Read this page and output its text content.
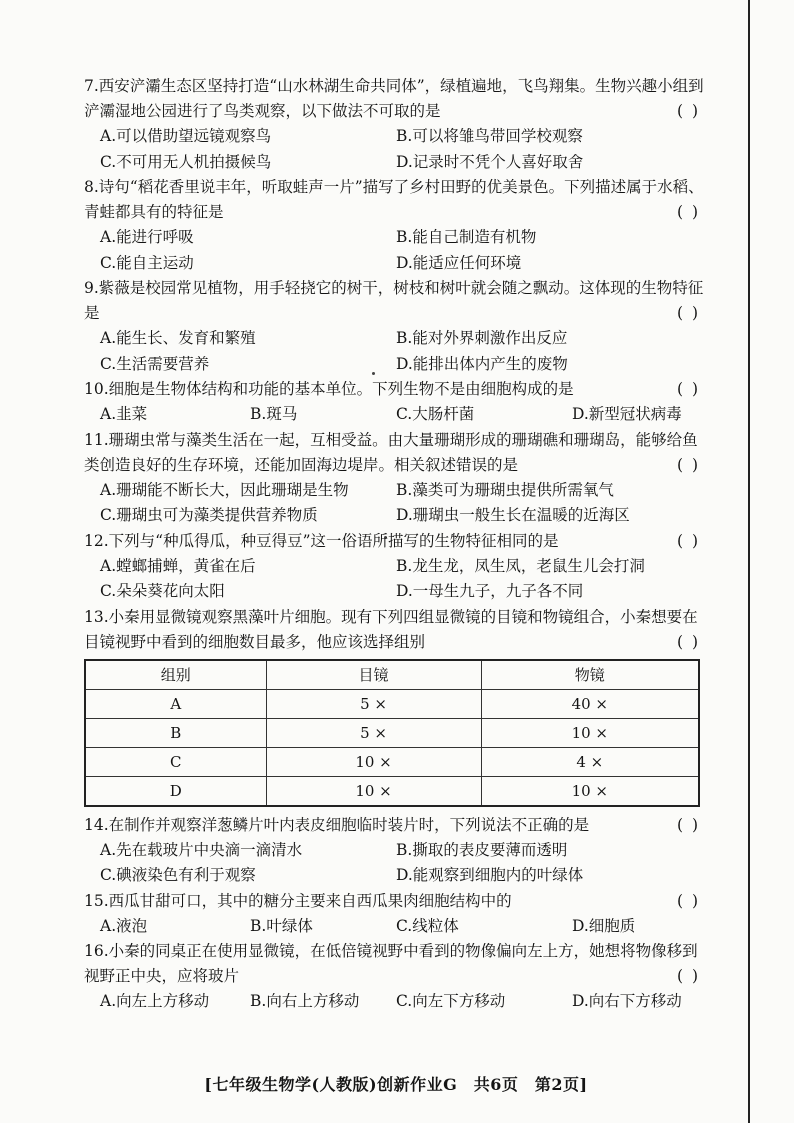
7.西安浐灞生态区坚持打造“山水林湖生命共同体”，绿植遍地，飞鸟翔集。生物兴趣小组到
浐灞湿地公园进行了鸟类观察，以下做法不可取的是	( )
A.可以借助望远镜观察鸟	B.可以将雏鸟带回学校观察
C.不可用无人机拍摄候鸟	D.记录时不凭个人喜好取舍
8.诗句“稻花香里说丰年，听取蛙声一片”描写了乡村田野的优美景色。下列描述属于水稻、
青蛙都具有的特征是	( )
A.能进行呼吸	B.能自己制造有机物
C.能自主运动	D.能适应任何环境
9.紫薇是校园常见植物，用手轻挠它的树干，树枝和树叶就会随之飘动。这体现的生物特征
是	( )
A.能生长、发育和繁殖	B.能对外界刺激作出反应
C.生活需要营养	D.能排出体内产生的废物
10.细胞是生物体结构和功能的基本单位。下列生物不是由细胞构成的是	( )
A.韭菜	B.斑马	C.大肠杆菌	D.新型冠状病毒
11.珊瑚虫常与藻类生活在一起，互相受益。由大量珊瑚形成的珊瑚礁和珊瑚岛，能够给鱼
类创造良好的生存环境，还能加固海边堤岸。相关叙述错误的是	( )
A.珊瑚能不断长大，因此珊瑚是生物	B.藻类可为珊瑚虫提供所需氧气
C.珊瑚虫可为藻类提供营养物质	D.珊瑚虫一般生长在温暖的近海区
12.下列与“种瓜得瓜，种豆得豆”这一俗语所描写的生物特征相同的是	( )
A.螳螂捕蝉，黄雀在后	B.龙生龙，凤生凤，老鼠生儿会打洞
C.朵朵葵花向太阳	D.一母生九子，九子各不同
13.小秦用显微镜观察黑藻叶片细胞。现有下列四组显微镜的目镜和物镜组合，小秦想要在
目镜视野中看到的细胞数目最多，他应该选择组别	( )
组别	目镜	物镜
A	5 ×	40 ×
B	5 ×	10 ×
C	10 ×	4 ×
D	10 ×	10 ×
14.在制作并观察洋葱鳞片叶内表皮细胞临时装片时，下列说法不正确的是	( )
A.先在载玻片中央滴一滴清水	B.撕取的表皮要薄而透明
C.碘液染色有利于观察	D.能观察到细胞内的叶绿体
15.西瓜甘甜可口，其中的糖分主要来自西瓜果肉细胞结构中的	( )
A.液泡	B.叶绿体	C.线粒体	D.细胞质
16.小秦的同桌正在使用显微镜，在低倍镜视野中看到的物像偏向左上方，她想将物像移到
视野正中央，应将玻片	( )
A.向左上方移动	B.向右上方移动	C.向左下方移动	D.向右下方移动
[七年级生物学(人教版)创新作业G　共6页　第2页]
